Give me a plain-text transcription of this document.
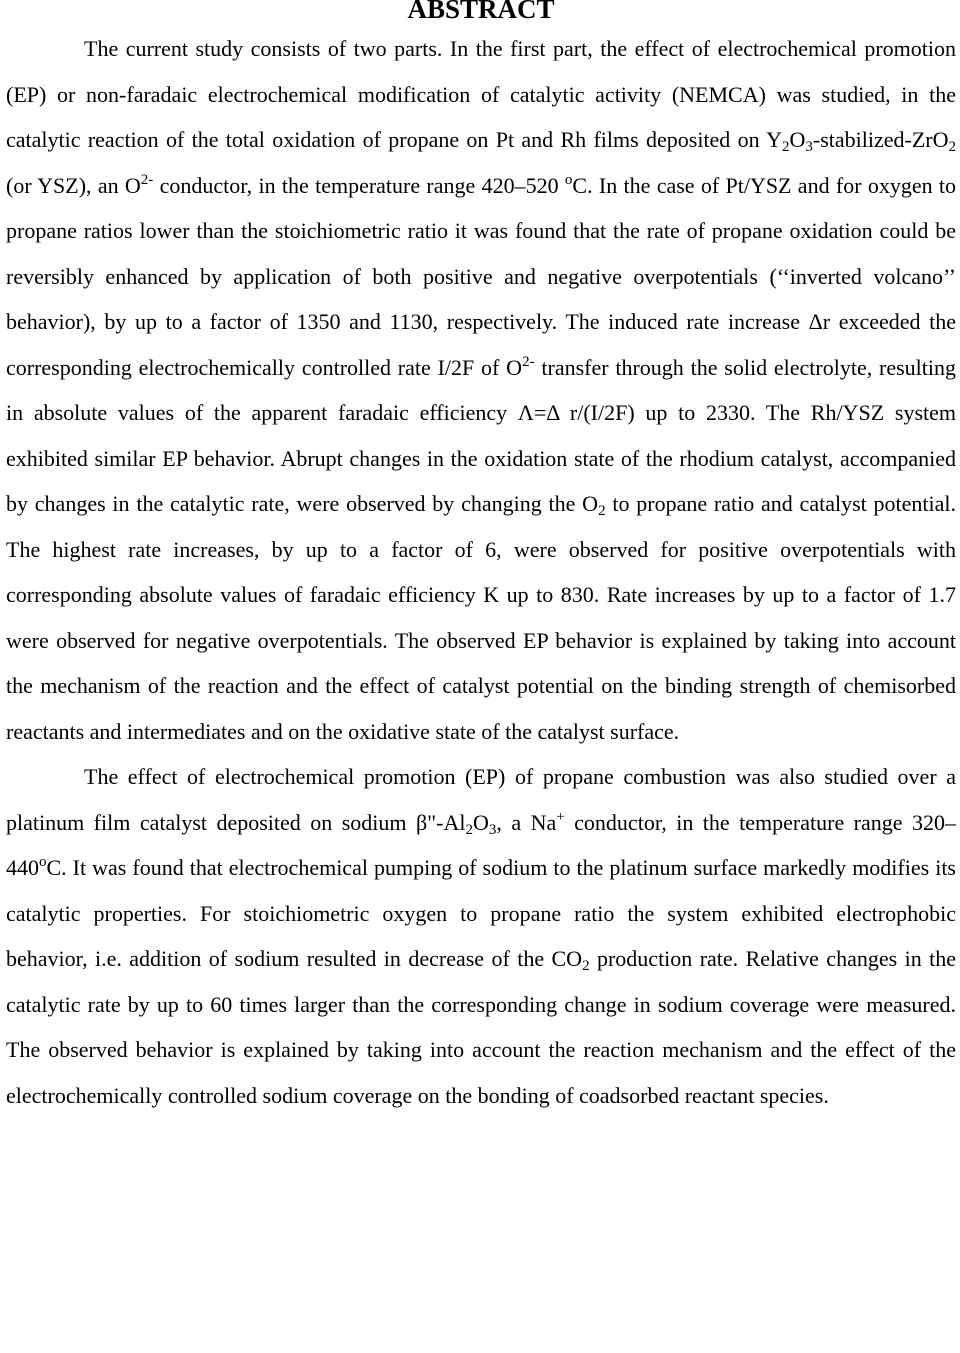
ABSTRACT

The current study consists of two parts. In the first part, the effect of electrochemical promotion (EP) or non-faradaic electrochemical modification of catalytic activity (NEMCA) was studied, in the catalytic reaction of the total oxidation of propane on Pt and Rh films deposited on $Y_2O_3-stabilized-ZrO_2$ (or YSZ), an $O^{2-}$ conductor, in the temperature range 420–520 $^o$C. In the case of Pt/YSZ and for oxygen to propane ratios lower than the stoichiometric ratio it was found that the rate of propane oxidation could be reversibly enhanced by application of both positive and negative overpotentials (‘‘inverted volcano’’ behavior), by up to a factor of 1350 and 1130, respectively. The induced rate increase Δr exceeded the corresponding electrochemically controlled rate I/2F of $O^{2-}$ transfer through the solid electrolyte, resulting in absolute values of the apparent faradaic efficiency Λ=Δ r/(I/2F) up to 2330. The Rh/YSZ system exhibited similar EP behavior. Abrupt changes in the oxidation state of the rhodium catalyst, accompanied by changes in the catalytic rate, were observed by changing the $O_2$ to propane ratio and catalyst potential. The highest rate increases, by up to a factor of 6, were observed for positive overpotentials with corresponding absolute values of faradaic efficiency Κ up to 830. Rate increases by up to a factor of 1.7 were observed for negative overpotentials. The observed EP behavior is explained by taking into account the mechanism of the reaction and the effect of catalyst potential on the binding strength of chemisorbed reactants and intermediates and on the oxidative state of the catalyst surface.

The effect of electrochemical promotion (EP) of propane combustion was also studied over a platinum film catalyst deposited on sodium $\beta"-Al_2O_3$, a Na+ conductor, in the temperature range 320–440$^o$C. It was found that electrochemical pumping of sodium to the platinum surface markedly modifies its catalytic properties. For stoichiometric oxygen to propane ratio the system exhibited electrophobic behavior, i.e. addition of sodium resulted in decrease of the $CO_2$ production rate. Relative changes in the catalytic rate by up to 60 times larger than the corresponding change in sodium coverage were measured. The observed behavior is explained by taking into account the reaction mechanism and the effect of the electrochemically controlled sodium coverage on the bonding of coadsorbed reactant species.
